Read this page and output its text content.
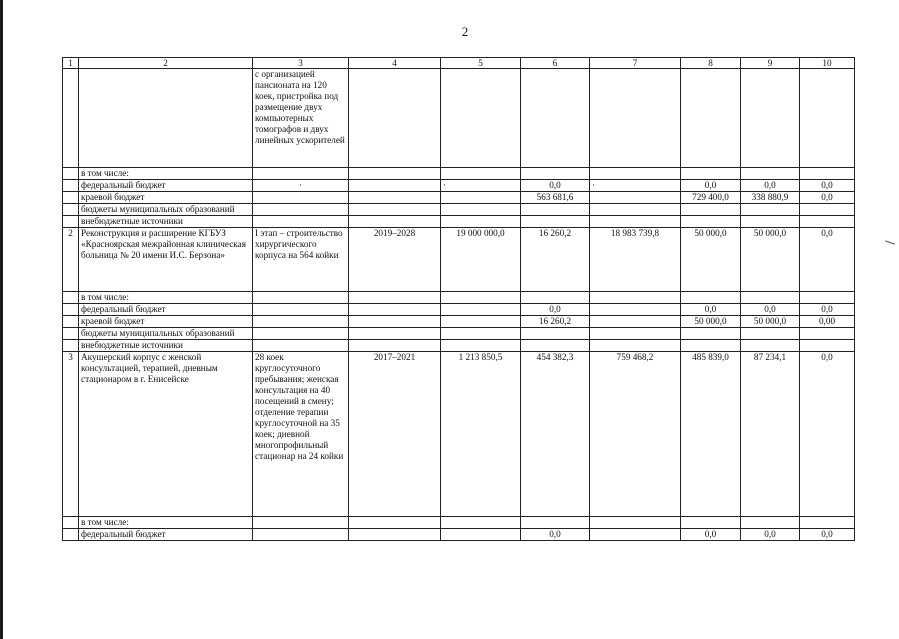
2
1	2	3	4	5	6	7	8	9	10
		с организацией пансионата на 120 коек, пристройка под размещение двух компьютерных томографов и двух линейных ускорителей							
	в том числе:								
	федеральный бюджет	·		·	0,0	·	0,0	0,0	0,0
	краевой бюджет				563 681,6		729 400,0	338 880,9	0,0
	бюджеты муниципальных образований								
	внебюджетные источники								
2	Реконструкция и расширение КГБУЗ «Красноярская межрайонная клиническая больница № 20 имени И.С. Берзона»	I этап – строительство хирургического корпуса на 564 койки	2019–2028	19 000 000,0	16 260,2	18 983 739,8	50 000,0	50 000,0	0,0
	в том числе:								
	федеральный бюджет				0,0		0,0	0,0	0,0
	краевой бюджет				16 260,2		50 000,0	50 000,0	0,00
	бюджеты муниципальных образований								
	внебюджетные источники								
3	Акушерский корпус с женской консультацией, терапией, дневным стационаром в г. Енисейске	28 коек круглосуточного пребывания; женская консультация на 40 посещений в смену; отделение терапии круглосуточной на 35 коек; дневной многопрофильный стационар на 24 койки	2017–2021	1 213 850,5	454 382,3	759 468,2	485 839,0	87 234,1	0,0
	в том числе:								
	федеральный бюджет				0,0		0,0	0,0	0,0
